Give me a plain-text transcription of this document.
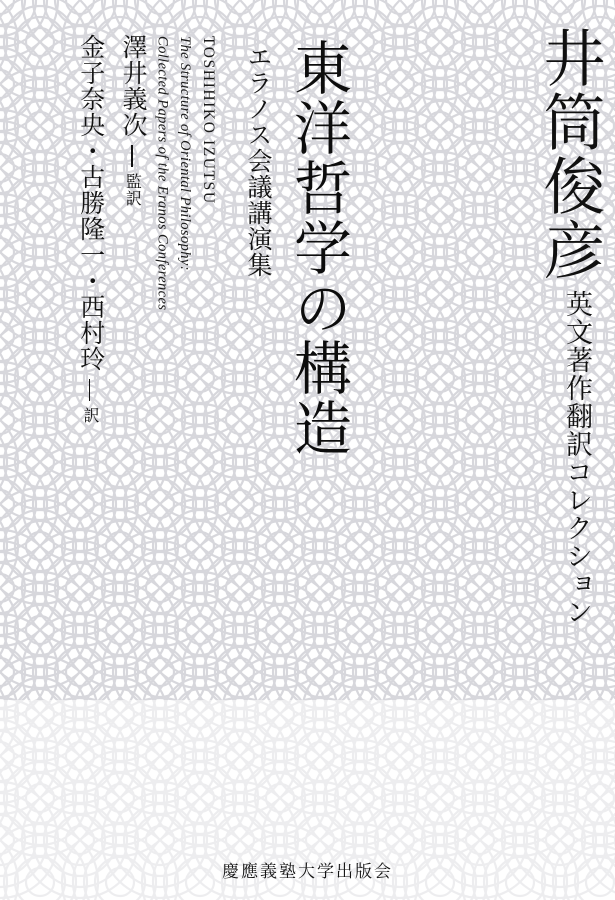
井筒俊彦
英文著作翻訳コレクション
東洋哲学の構造
エラノス会議講演集
TOSHIHIKO IZUTSU
The Structure of Oriental Philosophy:
Collected Papers of the Eranos Conferences
金子奈央・古勝隆一・西村玲
訳
澤井義次
監訳
慶應義塾大学出版会
